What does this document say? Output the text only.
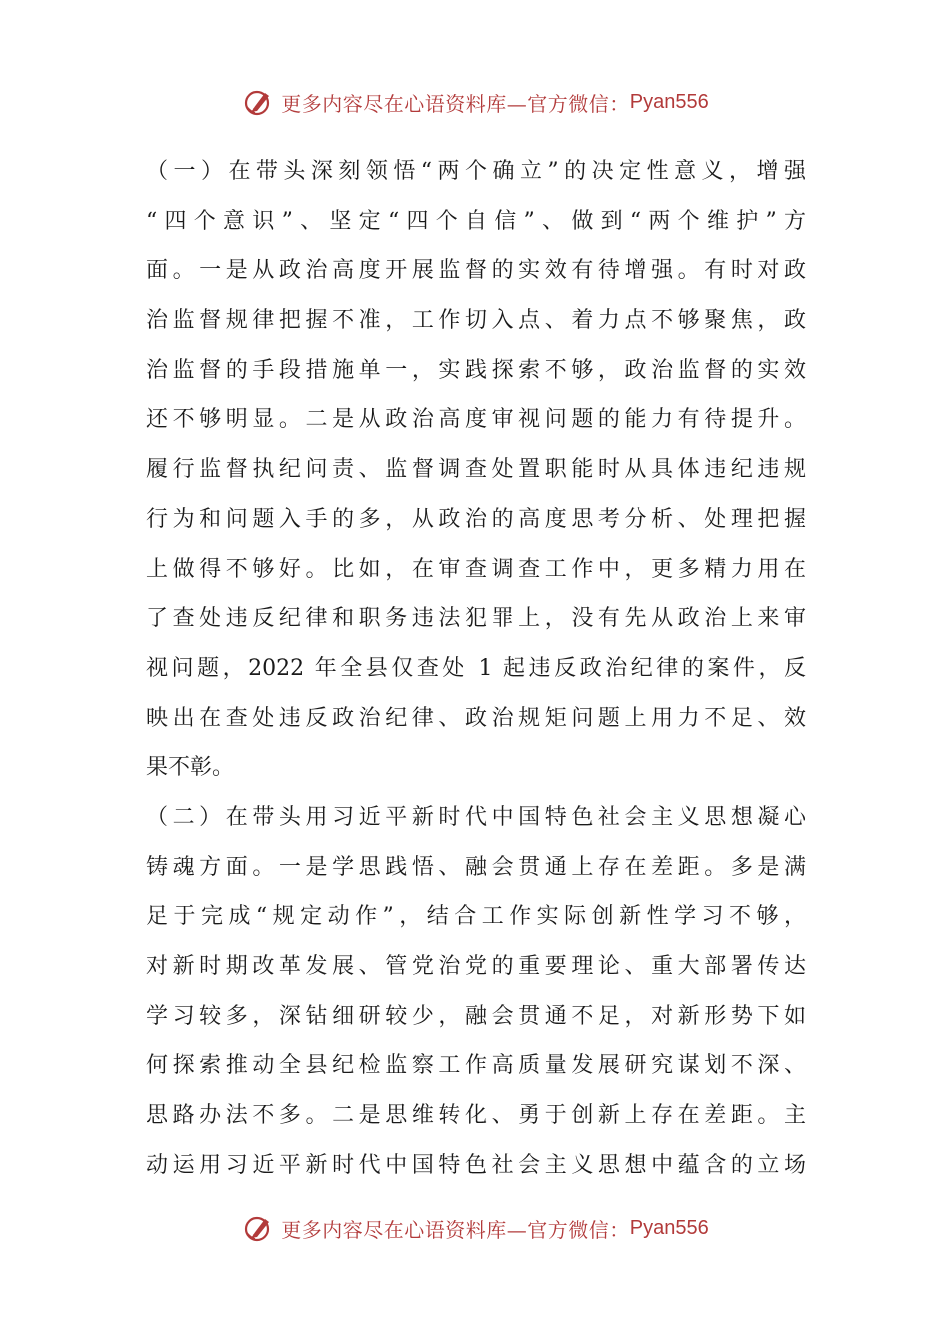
更多内容尽在心语资料库—官方微信： Pyan556
（一）在带头深刻领悟“两个确立”的决定性意义，增强
“四个意识”、坚定“四个自信”、做到“两个维护”方
面。一是从政治高度开展监督的实效有待增强。有时对政
治监督规律把握不准，工作切入点、着力点不够聚焦，政
治监督的手段措施单一，实践探索不够，政治监督的实效
还不够明显。二是从政治高度审视问题的能力有待提升。
履行监督执纪问责、监督调查处置职能时从具体违纪违规
行为和问题入手的多，从政治的高度思考分析、处理把握
上做得不够好。比如，在审查调查工作中，更多精力用在
了查处违反纪律和职务违法犯罪上，没有先从政治上来审
视问题，2022 年全县仅查处 1 起违反政治纪律的案件，反
映出在查处违反政治纪律、政治规矩问题上用力不足、效
果不彰。
（二）在带头用习近平新时代中国特色社会主义思想凝心
铸魂方面。一是学思践悟、融会贯通上存在差距。多是满
足于完成“规定动作”，结合工作实际创新性学习不够，
对新时期改革发展、管党治党的重要理论、重大部署传达
学习较多，深钻细研较少，融会贯通不足，对新形势下如
何探索推动全县纪检监察工作高质量发展研究谋划不深、
思路办法不多。二是思维转化、勇于创新上存在差距。主
动运用习近平新时代中国特色社会主义思想中蕴含的立场
更多内容尽在心语资料库—官方微信： Pyan556
